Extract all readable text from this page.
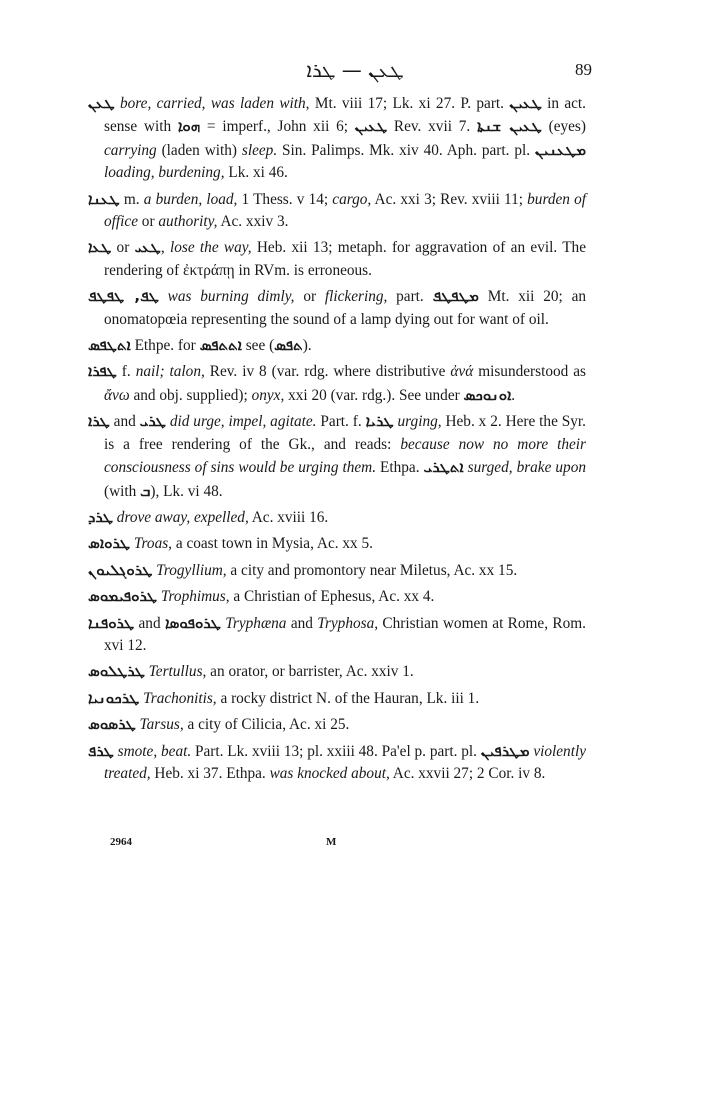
ܛܥܢ — ܛܪܐ	89

ܛܥܢ bore, carried, was laden with, Mt. viii 17; Lk. xi 27. P. part. ܛܥܝܢ in act. sense with ܗܘܐ = imperf., John xii 6; ܛܥܝܢ Rev. xvii 7. ܛܥܝܢ ܫܢܬܐ (eyes) carrying (laden with) sleep. Sin. Palimps. Mk. xiv 40. Aph. part. pl. ܡܛܥܢܝܢ loading, burdening, Lk. xi 46.

ܛܥܢܐ m. a burden, load, 1 Thess. v 14; cargo, Ac. xxi 3; Rev. xviii 11; burden of office or authority, Ac. xxiv 3.

ܛܥܐ or ܛܥܝ, lose the way, Heb. xii 13; metaph. for aggravation of an evil. The rendering of ἐκτράπῃ in RVm. is erroneous.

ܛܦ, ܛܦܛܦ was burning dimly, or flickering, part. ܡܛܦܛܦ Mt. xii 20; an onomatopœia representing the sound of a lamp dying out for want of oil.

ܐܬܛܦܣ Ethpe. for ܐܬܬܦܣ see (ܬܦܣ).

ܛܦܪܐ f. nail; talon, Rev. iv 8 (var. rdg. where distributive ἀνά misunderstood as ἄνω and obj. supplied); onyx, xxi 20 (var. rdg.). See under ܐܘܢܘܟܣ.

ܛܪܐ and ܛܪܝ did urge, impel, agitate. Part. f. ܛܪܝܐ urging, Heb. x 2. Here the Syr. is a free rendering of the Gk., and reads: because now no more their consciousness of sins would be urging them. Ethpa. ܐܬܛܪܝ surged, brake upon (with ܒ), Lk. vi 48.

ܛܪܕ drove away, expelled, Ac. xviii 16.

ܛܪܘܐܣ Troas, a coast town in Mysia, Ac. xx 5.

ܛܪܘܓܠܝܘܢ Trogyllium, a city and promontory near Miletus, Ac. xx 15.

ܛܪܘܦܝܡܘܣ Trophimus, a Christian of Ephesus, Ac. xx 4.

ܛܪܘܦܢܐ and ܛܪܘܦܘܣܐ Tryphæna and Tryphosa, Christian women at Rome, Rom. xvi 12.

ܛܪܛܠܘܣ Tertullus, an orator, or barrister, Ac. xxiv 1.

ܛܪܟܘܢܝܐ Trachonitis, a rocky district N. of the Hauran, Lk. iii 1.

ܛܪܣܘܣ Tarsus, a city of Cilicia, Ac. xi 25.

ܛܪܦ smote, beat. Part. Lk. xviii 13; pl. xxiii 48. Pa'el p. part. pl. ܡܛܪܦܝܢ violently treated, Heb. xi 37. Ethpa. was knocked about, Ac. xxvii 27; 2 Cor. iv 8.

2964	M
